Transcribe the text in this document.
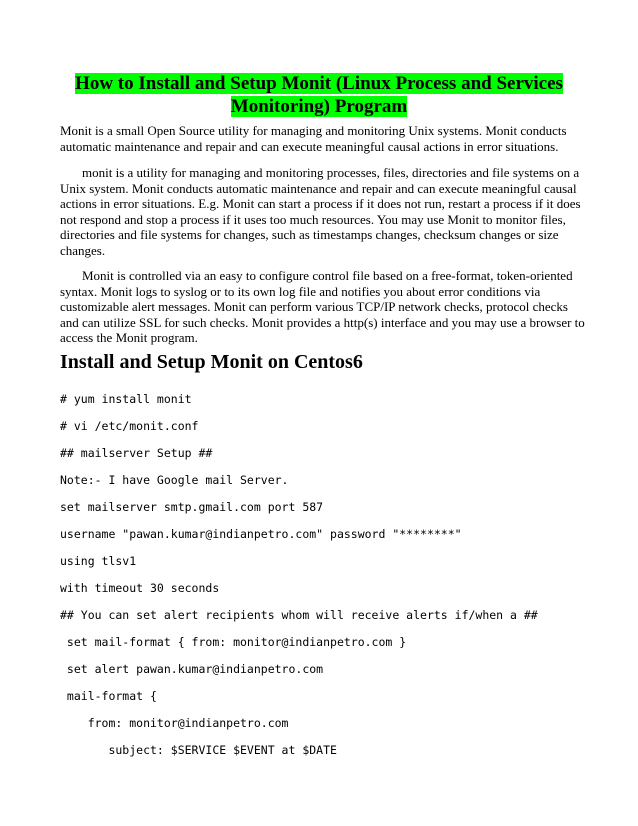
How to Install and Setup Monit (Linux Process and Services
Monitoring) Program

Monit is a small Open Source utility for managing and monitoring Unix systems. Monit conducts automatic maintenance and repair and can execute meaningful causal actions in error situations.

monit is a utility for managing and monitoring processes, files, directories and file systems on a Unix system. Monit conducts automatic maintenance and repair and can execute meaningful causal actions in error situations. E.g. Monit can start a process if it does not run, restart a process if it does not respond and stop a process if it uses too much resources. You may use Monit to monitor files, directories and file systems for changes, such as timestamps changes, checksum changes or size changes.

Monit is controlled via an easy to configure control file based on a free-format, token-oriented syntax. Monit logs to syslog or to its own log file and notifies you about error conditions via customizable alert messages. Monit can perform various TCP/IP network checks, protocol checks and can utilize SSL for such checks. Monit provides a http(s) interface and you may use a browser to access the Monit program.

Install and Setup Monit on Centos6
# yum install monit
# vi /etc/monit.conf
## mailserver Setup ##
Note:- I have Google mail Server.
set mailserver smtp.gmail.com port 587
username "pawan.kumar@indianpetro.com" password "********"
using tlsv1
with timeout 30 seconds
## You can set alert recipients whom will receive alerts if/when a ##
set mail-format { from: monitor@indianpetro.com }
set alert pawan.kumar@indianpetro.com
mail-format {
from: monitor@indianpetro.com
subject: $SERVICE $EVENT at $DATE
